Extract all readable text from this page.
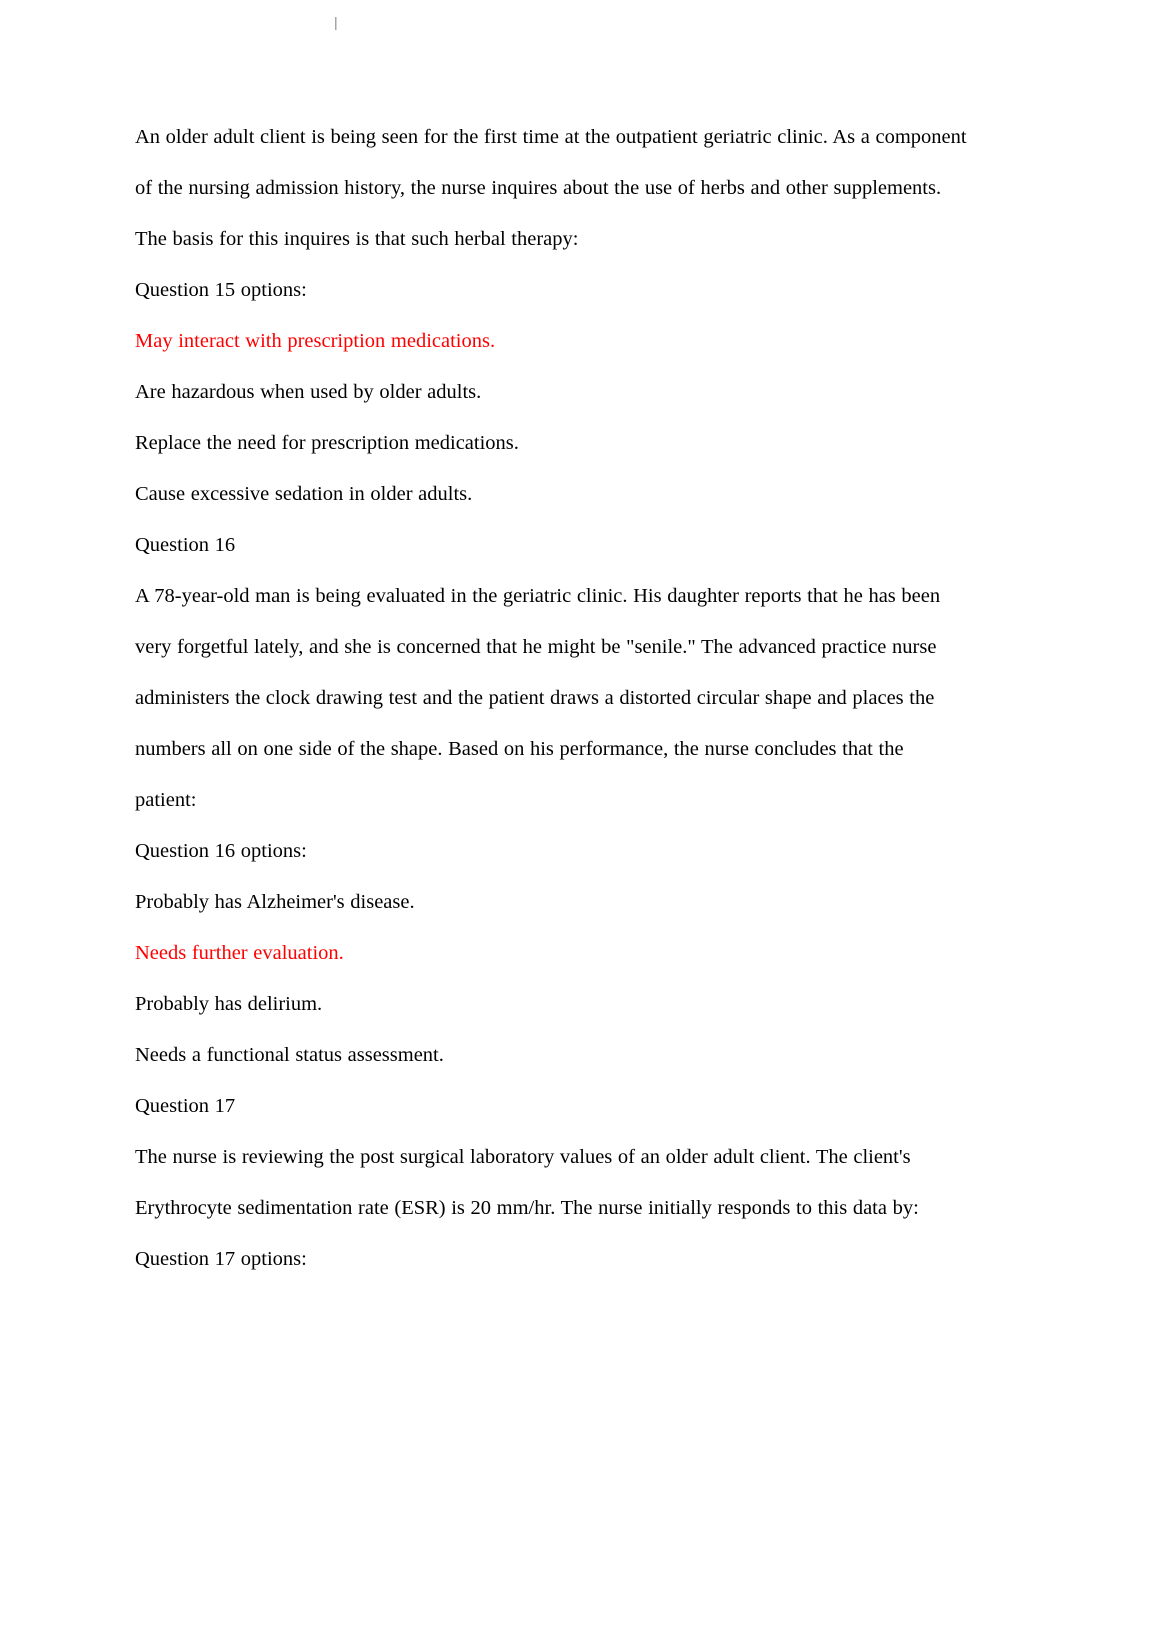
|

An older adult client is being seen for the first time at the outpatient geriatric clinic. As a component of the nursing admission history, the nurse inquires about the use of herbs and other supplements. The basis for this inquires is that such herbal therapy:

Question 15 options:

May interact with prescription medications.

Are hazardous when used by older adults.

Replace the need for prescription medications.

Cause excessive sedation in older adults.

Question 16

A 78-year-old man is being evaluated in the geriatric clinic. His daughter reports that he has been very forgetful lately, and she is concerned that he might be "senile." The advanced practice nurse administers the clock drawing test and the patient draws a distorted circular shape and places the numbers all on one side of the shape. Based on his performance, the nurse concludes that the patient:

Question 16 options:

Probably has Alzheimer's disease.

Needs further evaluation.

Probably has delirium.

Needs a functional status assessment.

Question 17

The nurse is reviewing the post surgical laboratory values of an older adult client. The client's Erythrocyte sedimentation rate (ESR) is 20 mm/hr. The nurse initially responds to this data by:

Question 17 options:
